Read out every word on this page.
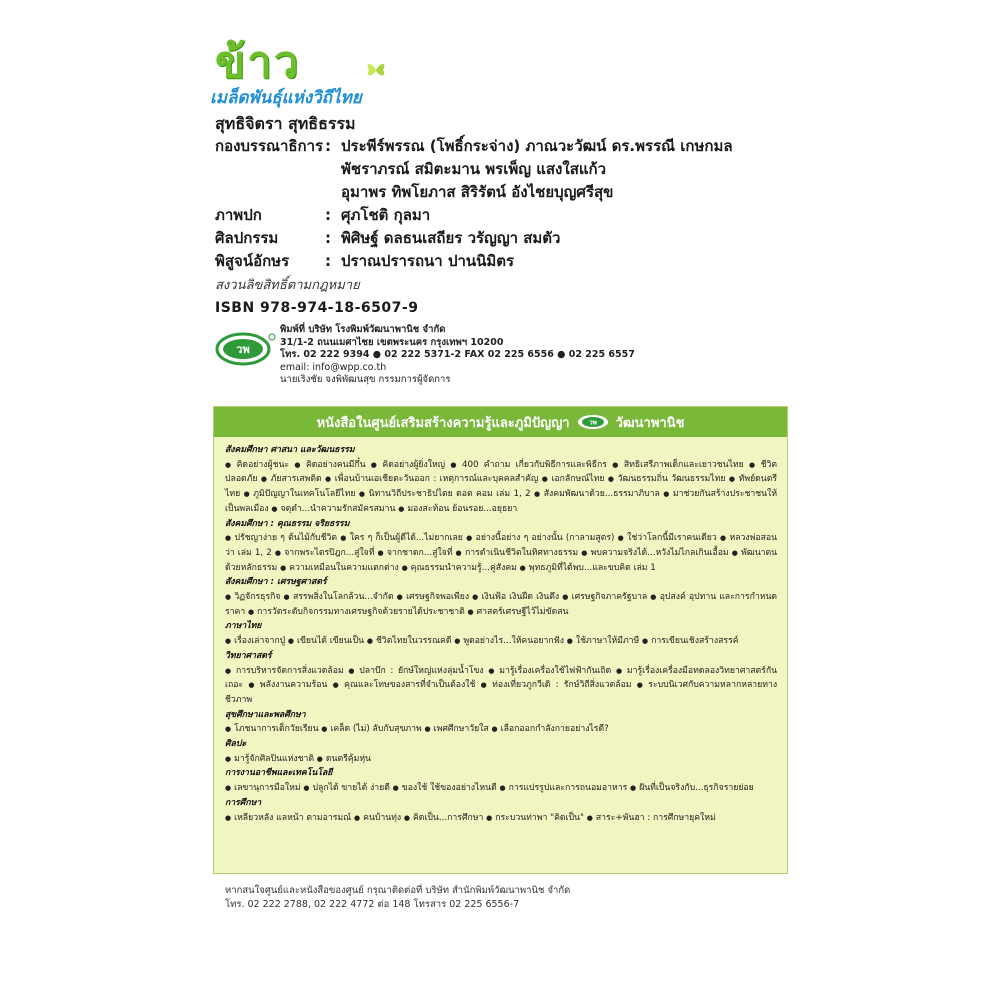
ข้าว
เมล็ดพันธุ์แห่งวิถีไทย
สุทธิจิตรา สุทธิธรรม
กองบรรณาธิการ : ประพีร์พรรณ (โพธิ์กระจ่าง) ภาณวะวัฒน์ ดร.พรรณี เกษกมล
พัชราภรณ์ สมิตะมาน พรเพ็ญ แสงใสแก้ว
อุมาพร ทิพโยภาส สิริรัตน์ อังไชยบุญศรีสุข
ภาพปก	: ศุภโชติ กุลมา
ศิลปกรรม	: พิศิษฐ์ ดลธนเสถียร วรัญญา สมตัว
พิสูจน์อักษร	: ปราณปรารถนา ปานนิมิตร
สงวนลิขสิทธิ์ตามกฎหมาย
ISBN 978-974-18-6507-9
วพ
พิมพ์ที่ บริษัท โรงพิมพ์วัฒนาพานิช จำกัด
31/1-2 ถนนเมศาไชย เขตพระนคร กรุงเทพฯ 10200
โทร. 02 222 9394 ● 02 222 5371-2 FAX 02 225 6556 ● 02 225 6557
email: info@wpp.co.th
นายเริงชัย จงพิพัฒนสุข กรรมการผู้จัดการ
หนังสือในศูนย์เสริมสร้างความรู้และภูมิปัญญา	วพ วัฒนาพานิช
สังคมศึกษา ศาสนา และวัฒนธรรม
● คิดอย่างผู้ชนะ ● คิดอย่างคนมีกึ๋น ● คิดอย่างผู้ยิ่งใหญ่ ● 400 คำถาม เกี่ยวกับพิธีการและพิธีกร ● สิทธิเสรีภาพเด็กและเยาวชนไทย ● ชีวิตปลอดภัย ● ภัยสารเสพติด ● เพื่อนบ้านเอเชียตะวันออก : เหตุการณ์และบุคคลสำคัญ ● เอกลักษณ์ไทย ● วัฒนธรรมถิ่น วัฒนธรรมไทย ● ทัพย์ดนตรีไทย ● ภูมิปัญญาในเทคโนโลยีไทย ● นิทานวิถีประชาธิปไตย ดอต คอม เล่ม 1, 2 ● สังคมพัฒนาด้วย...ธรรมาภิบาล ● มาช่วยกันสร้างประชาชนให้เป็นพลเมือง ● จดุดำ...นำความรักสมัครสมาน ● มองสะท้อน ย้อนรอย...อยุธยา
สังคมศึกษา : คุณธรรม จริยธรรม
● ปรัชญาง่าย ๆ ต้นไม้กับชีวิต ● ใคร ๆ ก็เป็นผู้ดีได้...ไม่ยากเลย ● อย่างนี้อย่าง ๆ อย่างนั้น (กาลามสูตร) ● ใช่ว่าโลกนี้มีเราคนเดียว ● หลวงพ่อสอนว่า เล่ม 1, 2 ● จากพระไตรปิฎก...สู่ใจที่ ● จากชาดก...สู่ใจที่ ● การดำเนินชีวิตในทิศทางธรรม ● พบความจริงได้...หวังไม่ไกลเกินเอื้อม ● พัฒนาตนด้วยหลักธรรม ● ความเหมือนในความแตกต่าง ● คุณธรรมนำความรู้...คู่สังคม ● พุทธภูมิที่ได้พบ...และขบคิด เล่ม 1
สังคมศึกษา : เศรษฐศาสตร์
● วิฏจักรธุรกิจ ● สรรพสิ่งในโลกล้วน...จำกัด ● เศรษฐกิจพอเพียง ● เงินฟ้อ เงินฝืด เงินตึง ● เศรษฐกิจภาครัฐบาล ● อุปสงค์ อุปทาน และการกำหนดราคา ● การวัดระดับกิจกรรมทางเศรษฐกิจด้วยรายได้ประชาชาติ ● ศาสตร์เศรษฐีไว้ไม่ขัดสน
ภาษาไทย
● เรื่องเล่าจากปู่ ● เขียนได้ เขียนเป็น ● ชีวิตไทยในวรรณคดี ● พูดอย่างไร...ให้คนอยากฟัง ● ใช้ภาษาให้มีภาษี ● การเขียนเชิงสร้างสรรค์
วิทยาศาสตร์
● การบริหารจัดการสิ่งแวดล้อม ● ปลาบึก : ยักษ์ใหญ่แห่งลุ่มน้ำโขง ● มารู้เรื่องเครื่องใช้ไฟฟ้ากันเถิด ● มารู้เรื่องเครื่องมือทดลองวิทยาศาสตร์กันเถอะ ● พลังงานความร้อน ● คุณและโทษของสารที่จำเป็นต้องใช้ ● ท่องเที่ยวภูกวีเดิ : รักษ์วิถีสิ่งแวดล้อม ● ระบบนิเวศกับความหลากหลายทางชีวภาพ
สุขศึกษาและพลศึกษา
● โภชนาการเด็กวัยเรียน ● เคล็ด (ไม่) ลับกับสุขภาพ ● เพศศึกษาวัยใส ● เลือกออกกำลังกายอย่างไรดี?
ศิลปะ
● มารู้จักศิลปินแห่งชาติ ● ดนตรีคุ้มหุ่น
การงานอาชีพและเทคโนโลยี
● เลขานุการมือใหม่ ● ปลูกได้ ขายได้ ง่ายดี ● ของใช้ ใช้ของอย่างไหนดี ● การแปรรูปและการถนอมอาหาร ● ฝันที่เป็นจริงกับ...ธุรกิจรายย่อย
การศึกษา
● เหลียวหลัง แลหน้า ตามอารมณ์ ● คนบ้านทุ่ง ● คิดเป็น...การศึกษา ● กระบวนท่าพา "คิดเป็น" ● สาระ+พันฮา : การศึกษายุคใหม่
หากสนใจศูนย์และหนังสือของศูนย์ กรุณาติดต่อที่ บริษัท สำนักพิมพ์วัฒนาพานิช จำกัด
โทร. 02 222 2788, 02 222 4772 ต่อ 148 โทรสาร 02 225 6556-7
